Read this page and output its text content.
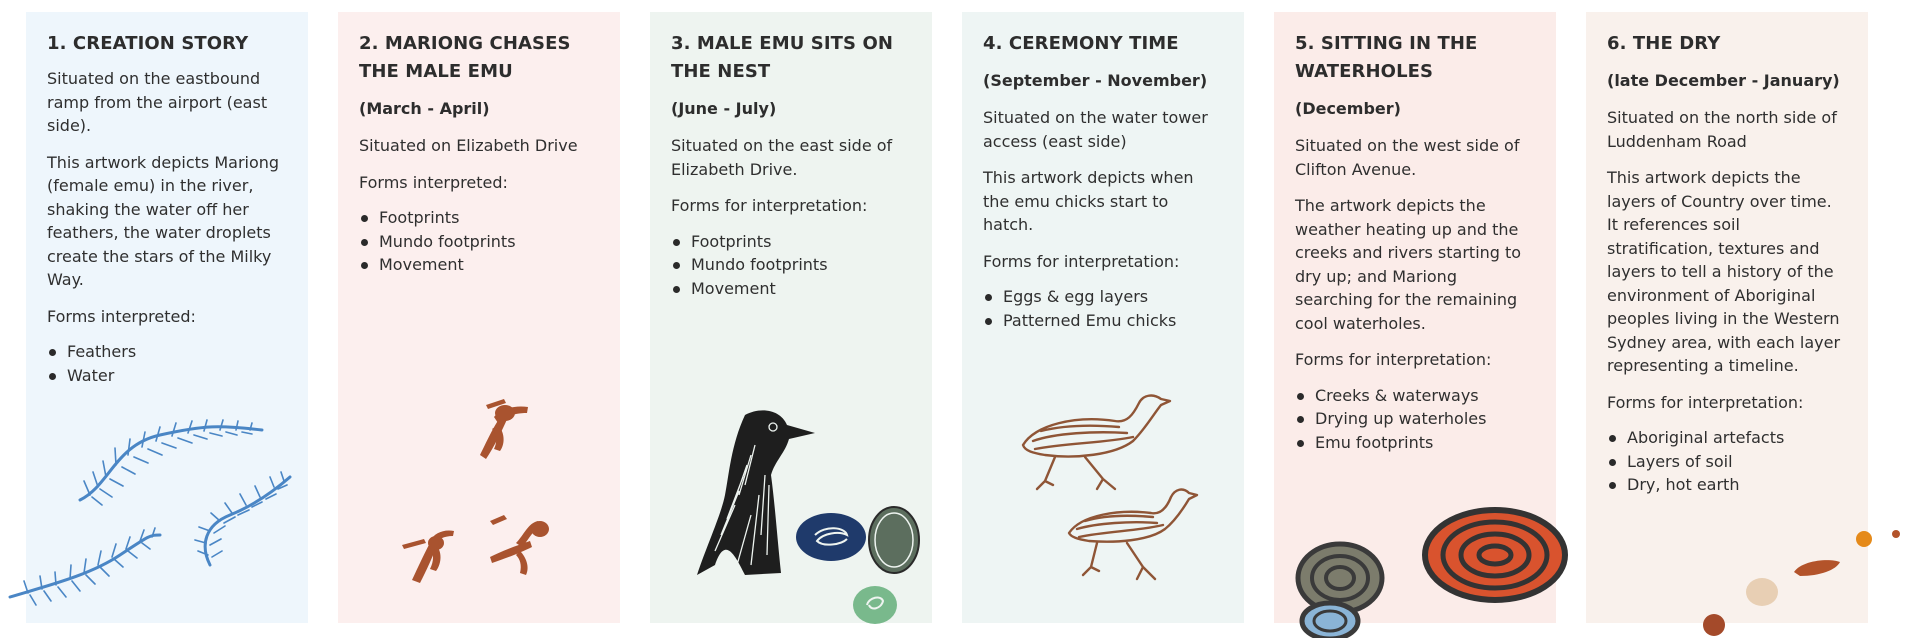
1. CREATION STORY

Situated on the eastbound ramp from the airport (east side).

This artwork depicts Mariong (female emu) in the river, shaking the water off her feathers, the water droplets create the stars of the Milky Way.

Forms interpreted:

Feathers
Water
2. MARIONG CHASES THE MALE EMU

(March - April)

Situated on Elizabeth Drive

Forms interpreted:

Footprints
Mundo footprints
Movement
3. MALE EMU SITS ON THE NEST

(June - July)

Situated on the east side of Elizabeth Drive.

Forms for interpretation:

Footprints
Mundo footprints
Movement
4. CEREMONY TIME

(September - November)

Situated on the water tower access (east side)

This artwork depicts when the emu chicks start to hatch.

Forms for interpretation:

Eggs & egg layers
Patterned Emu chicks
5. SITTING IN THE WATERHOLES

(December)

Situated on the west side of Clifton Avenue.

The artwork depicts the weather heating up and the creeks and rivers starting to dry up; and Mariong searching for the remaining cool waterholes.

Forms for interpretation:

Creeks & waterways
Drying up waterholes
Emu footprints
6. THE DRY

(late December - January)

Situated on the north side of Luddenham Road

This artwork depicts the layers of Country over time. It references soil stratification, textures and layers to tell a history of the environment of Aboriginal peoples living in the Western Sydney area, with each layer representing a timeline.

Forms for interpretation:

Aboriginal artefacts
Layers of soil
Dry, hot earth
